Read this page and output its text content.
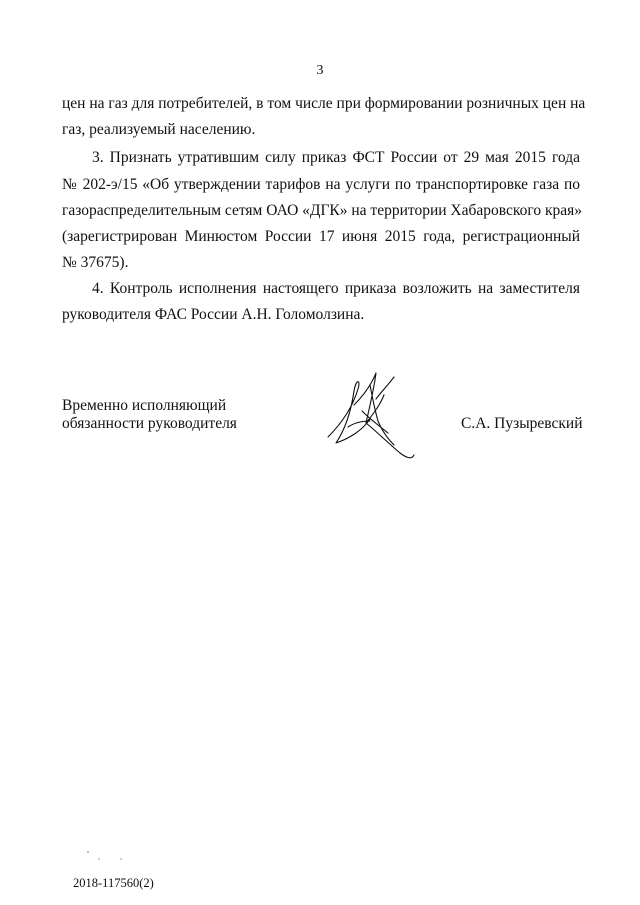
3
цен на газ для потребителей, в том числе при формировании розничных цен на
газ, реализуемый населению.
3. Признать утратившим силу приказ ФСТ России от 29 мая 2015 года
№ 202-э/15 «Об утверждении тарифов на услуги по транспортировке газа по
газораспределительным сетям ОАО «ДГК» на территории Хабаровского края»
(зарегистрирован Минюстом России 17 июня 2015 года, регистрационный
№ 37675).
4. Контроль исполнения настоящего приказа возложить на заместителя
руководителя ФАС России А.Н. Голомолзина.
Временно исполняющий
обязанности руководителя	С.А. Пузыревский
2018-117560(2)
